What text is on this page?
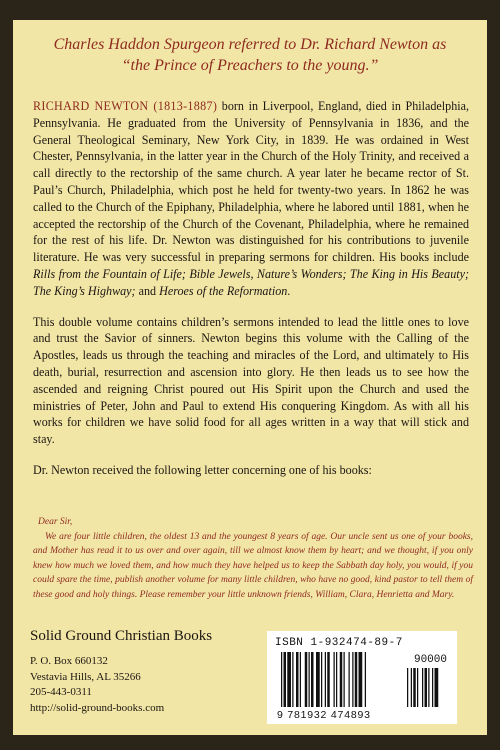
Charles Haddon Spurgeon referred to Dr. Richard Newton as
“the Prince of Preachers to the young.”

RICHARD NEWTON (1813-1887) born in Liverpool, England, died in Philadelphia, Pennsylvania. He graduated from the University of Pennsylvania in 1836, and the General Theological Seminary, New York City, in 1839. He was ordained in West Chester, Pennsylvania, in the latter year in the Church of the Holy Trinity, and received a call directly to the rectorship of the same church. A year later he became rector of St. Paul’s Church, Philadelphia, which post he held for twenty-two years. In 1862 he was called to the Church of the Epiphany, Philadelphia, where he labored until 1881, when he accepted the rectorship of the Church of the Covenant, Philadelphia, where he remained for the rest of his life. Dr. Newton was distinguished for his contributions to juvenile literature. He was very successful in preparing sermons for children. His books include Rills from the Fountain of Life; Bible Jewels, Nature’s Wonders; The King in His Beauty; The King’s Highway; and Heroes of the Reformation.

This double volume contains children’s sermons intended to lead the little ones to love and trust the Savior of sinners. Newton begins this volume with the Calling of the Apostles, leads us through the teaching and miracles of the Lord, and ultimately to His death, burial, resurrection and ascension into glory. He then leads us to see how the ascended and reigning Christ poured out His Spirit upon the Church and used the ministries of Peter, John and Paul to extend His conquering Kingdom. As with all his works for children we have solid food for all ages written in a way that will stick and stay.

Dr. Newton received the following letter concerning one of his books:

Dear Sir,

We are four little children, the oldest 13 and the youngest 8 years of age. Our uncle sent us one of your books, and Mother has read it to us over and over again, till we almost know them by heart; and we thought, if you only knew how much we loved them, and how much they have helped us to keep the Sabbath day holy, you would, if you could spare the time, publish another volume for many little children, who have no good, kind pastor to tell them of these good and holy things. Please remember your little unknown friends, William, Clara, Henrietta and Mary.

Solid Ground Christian Books
P. O. Box 660132
Vestavia Hills, AL 35266
205-443-0311
http://solid-ground-books.com
ISBN 1-932474-89-7
90000
9 781932 474893
